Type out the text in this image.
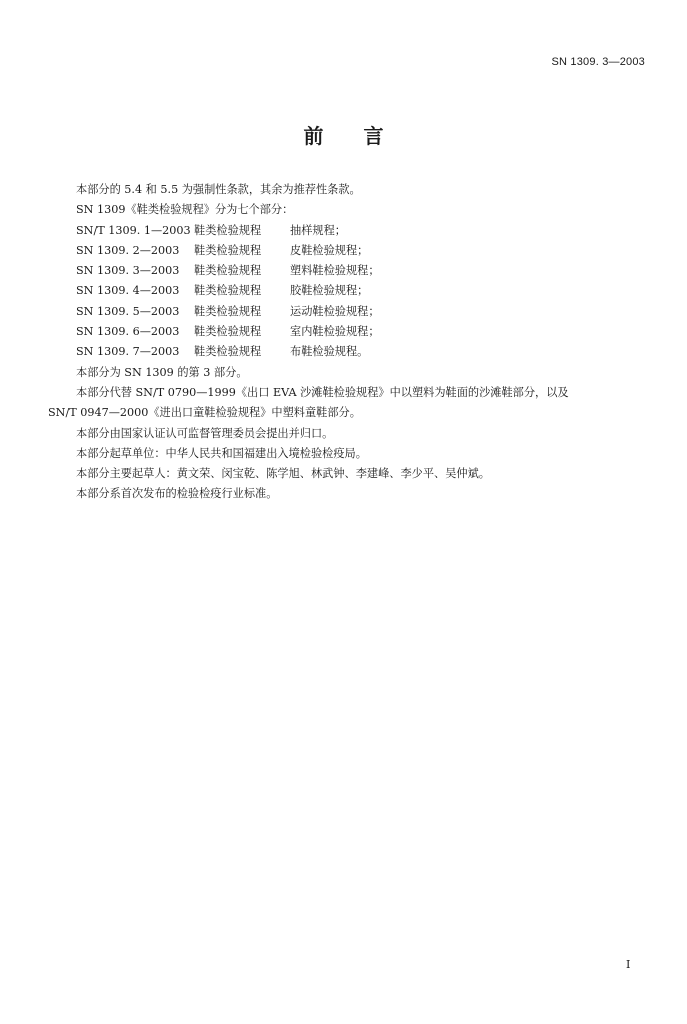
SN 1309. 3—2003
前 言
本部分的 5.4 和 5.5 为强制性条款，其余为推荐性条款。
SN 1309《鞋类检验规程》分为七个部分：
SN/T 1309. 1—2003 鞋类检验规程	抽样规程；
SN 1309. 2—2003 鞋类检验规程	皮鞋检验规程；
SN 1309. 3—2003 鞋类检验规程	塑料鞋检验规程；
SN 1309. 4—2003 鞋类检验规程	胶鞋检验规程；
SN 1309. 5—2003 鞋类检验规程	运动鞋检验规程；
SN 1309. 6—2003 鞋类检验规程	室内鞋检验规程；
SN 1309. 7—2003 鞋类检验规程	布鞋检验规程。
本部分为 SN 1309 的第 3 部分。
本部分代替 SN/T 0790—1999《出口 EVA 沙滩鞋检验规程》中以塑料为鞋面的沙滩鞋部分，以及
SN/T 0947—2000《进出口童鞋检验规程》中塑料童鞋部分。
本部分由国家认证认可监督管理委员会提出并归口。
本部分起草单位：中华人民共和国福建出入境检验检疫局。
本部分主要起草人：黄文荣、闵宝乾、陈学旭、林武钟、李建峰、李少平、吴仲斌。
本部分系首次发布的检验检疫行业标准。
I
